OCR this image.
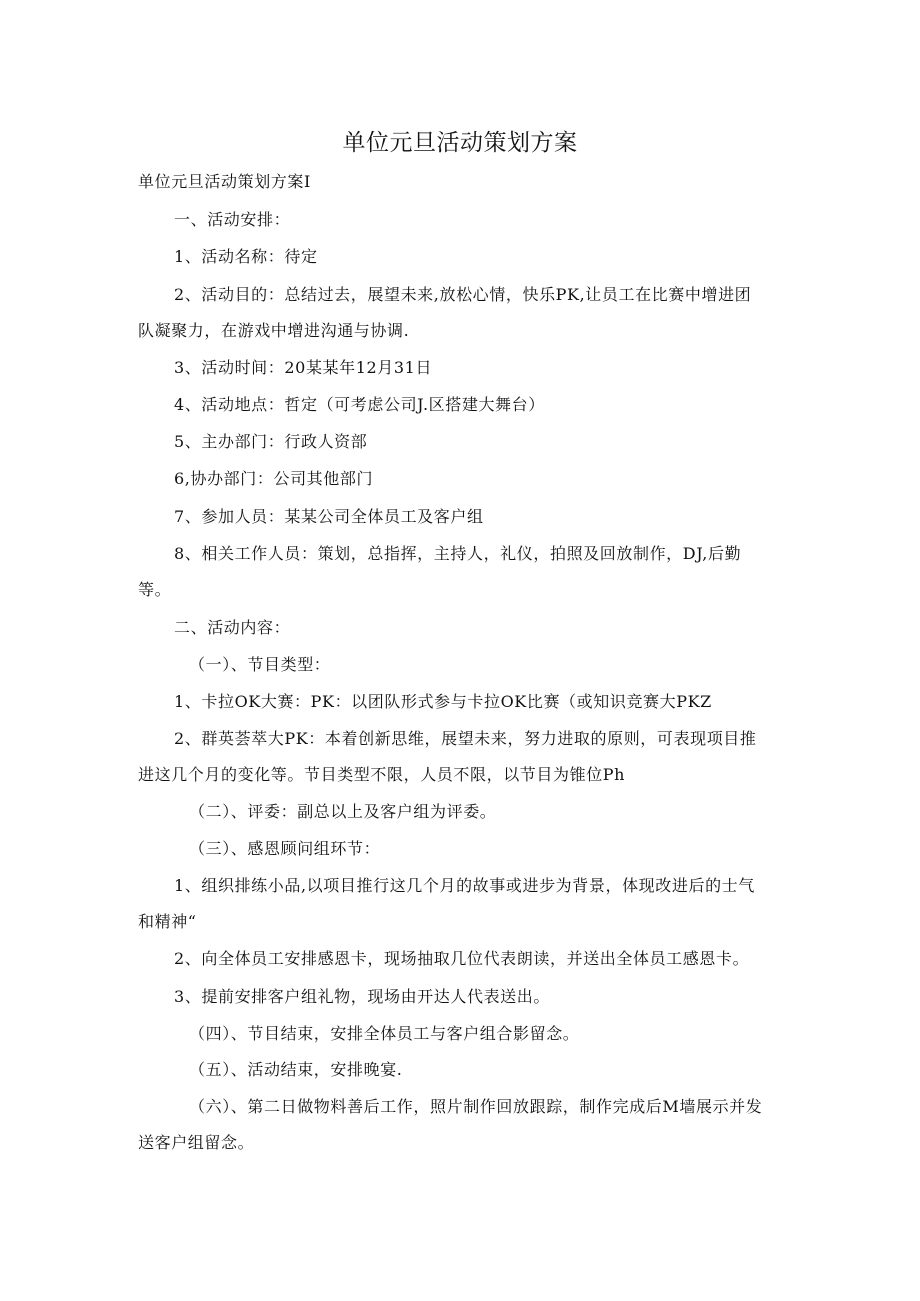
单位元旦活动策划方案
单位元旦活动策划方案I
一、活动安排：
1、活动名称：待定
2、活动目的：总结过去，展望未来,放松心情，快乐PK,让员工在比赛中增进团
队凝聚力，在游戏中增进沟通与协调.
3、活动时间：20某某年12月31日
4、活动地点：哲定（可考虑公司J.区搭建大舞台）
5、主办部门：行政人资部
6,协办部门：公司其他部门
7、参加人员：某某公司全体员工及客户组
8、相关工作人员：策划，总指挥，主持人，礼仪，拍照及回放制作，DJ,后勤
等。
二、活动内容：
（一）、节目类型：
1、卡拉OK大赛：PK：以团队形式参与卡拉OK比赛（或知识竞赛大PKZ
2、群英荟萃大PK：本着创新思维，展望未来，努力进取的原则，可表现项目推
进这几个月的变化等。节目类型不限，人员不限，以节目为锥位Ph
（二）、评委：副总以上及客户组为评委。
（三）、感恩顾问组环节：
1、组织排练小品,以项目推行这几个月的故事或进步为背景，体现改进后的士气
和精神“
2、向全体员工安排感恩卡，现场抽取几位代表朗读，并送出全体员工感恩卡。
3、提前安排客户组礼物，现场由开达人代表送出。
（四）、节目结束，安排全体员工与客户组合影留念。
（五）、活动结束，安排晚宴.
（六）、第二日做物料善后工作，照片制作回放跟踪，制作完成后M墙展示并发
送客户组留念。
